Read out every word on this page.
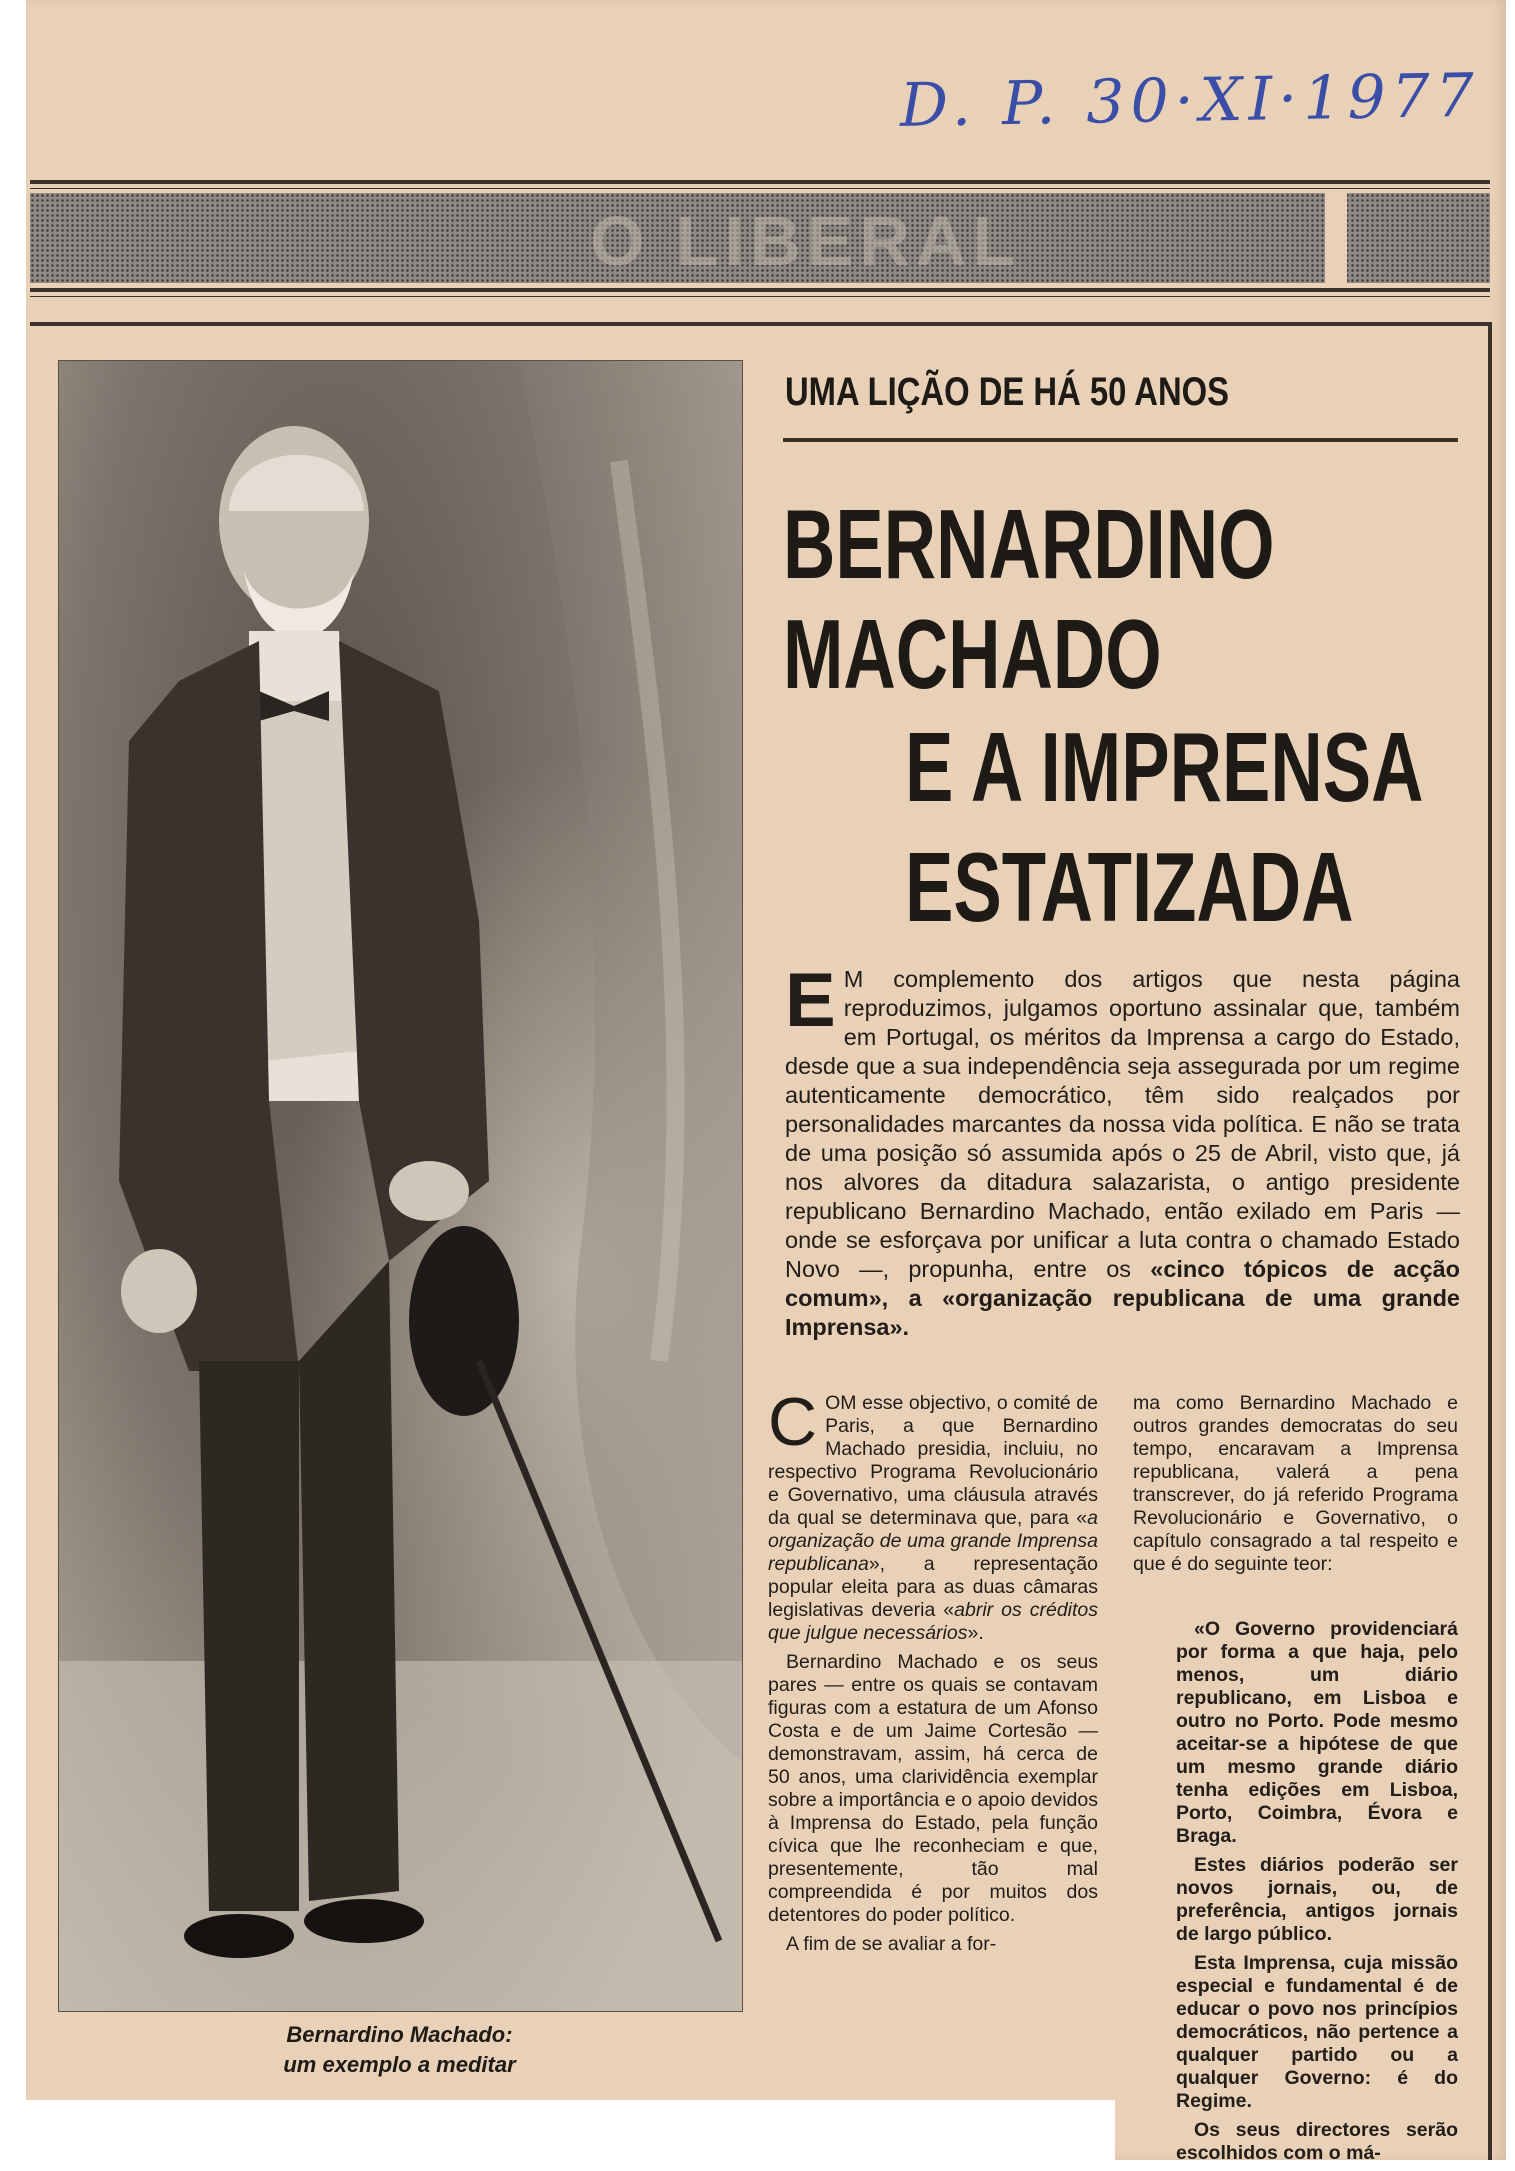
D. P. 30·XI·1977
O LIBERAL
Bernardino Machado:
um exemplo a meditar
UMA LIÇÃO DE HÁ 50 ANOS
BERNARDINO
MACHADO
E A IMPRENSA
ESTATIZADA
E M complemento dos artigos que nesta página reproduzimos, julgamos oportuno assinalar que, também em Portugal, os méritos da Imprensa a cargo do Estado, desde que a sua independência seja assegurada por um regime autenticamente democrático, têm sido realçados por personalidades marcantes da nossa vida política. E não se trata de uma posição só assumida após o 25 de Abril, visto que, já nos alvores da ditadura salazarista, o antigo presidente republicano Bernardino Machado, então exilado em Paris — onde se esforçava por unificar a luta contra o chamado Estado Novo —, propunha, entre os «cinco tópicos de acção comum», a «organização republicana de uma grande Imprensa».

COM esse objectivo, o comité de Paris, a que Bernardino Machado presidia, incluiu, no respectivo Programa Revolucionário e Governativo, uma cláusula através da qual se determinava que, para «a organização de uma grande Imprensa republicana», a representação popular eleita para as duas câmaras legislativas deveria «abrir os créditos que julgue necessários».

Bernardino Machado e os seus pares — entre os quais se contavam figuras com a estatura de um Afonso Costa e de um Jaime Cortesão — demonstravam, assim, há cerca de 50 anos, uma clarividência exemplar sobre a importância e o apoio devidos à Imprensa do Estado, pela função cívica que lhe reconheciam e que, presentemente, tão mal compreendida é por muitos dos detentores do poder político.

A fim de se avaliar a for-

ma como Bernardino Machado e outros grandes democratas do seu tempo, encaravam a Imprensa republicana, valerá a pena transcrever, do já referido Programa Revolucionário e Governativo, o capítulo consagrado a tal respeito e que é do seguinte teor:

«O Governo providenciará por forma a que haja, pelo menos, um diário republicano, em Lisboa e outro no Porto. Pode mesmo aceitar-se a hipótese de que um mesmo grande diário tenha edições em Lisboa, Porto, Coimbra, Évora e Braga.

Estes diários poderão ser novos jornais, ou, de preferência, antigos jornais de largo público.

Esta Imprensa, cuja missão especial e fundamental é de educar o povo nos princípios democráticos, não pertence a qualquer partido ou a qualquer Governo: é do Regime.

Os seus directores serão escolhidos com o má-
